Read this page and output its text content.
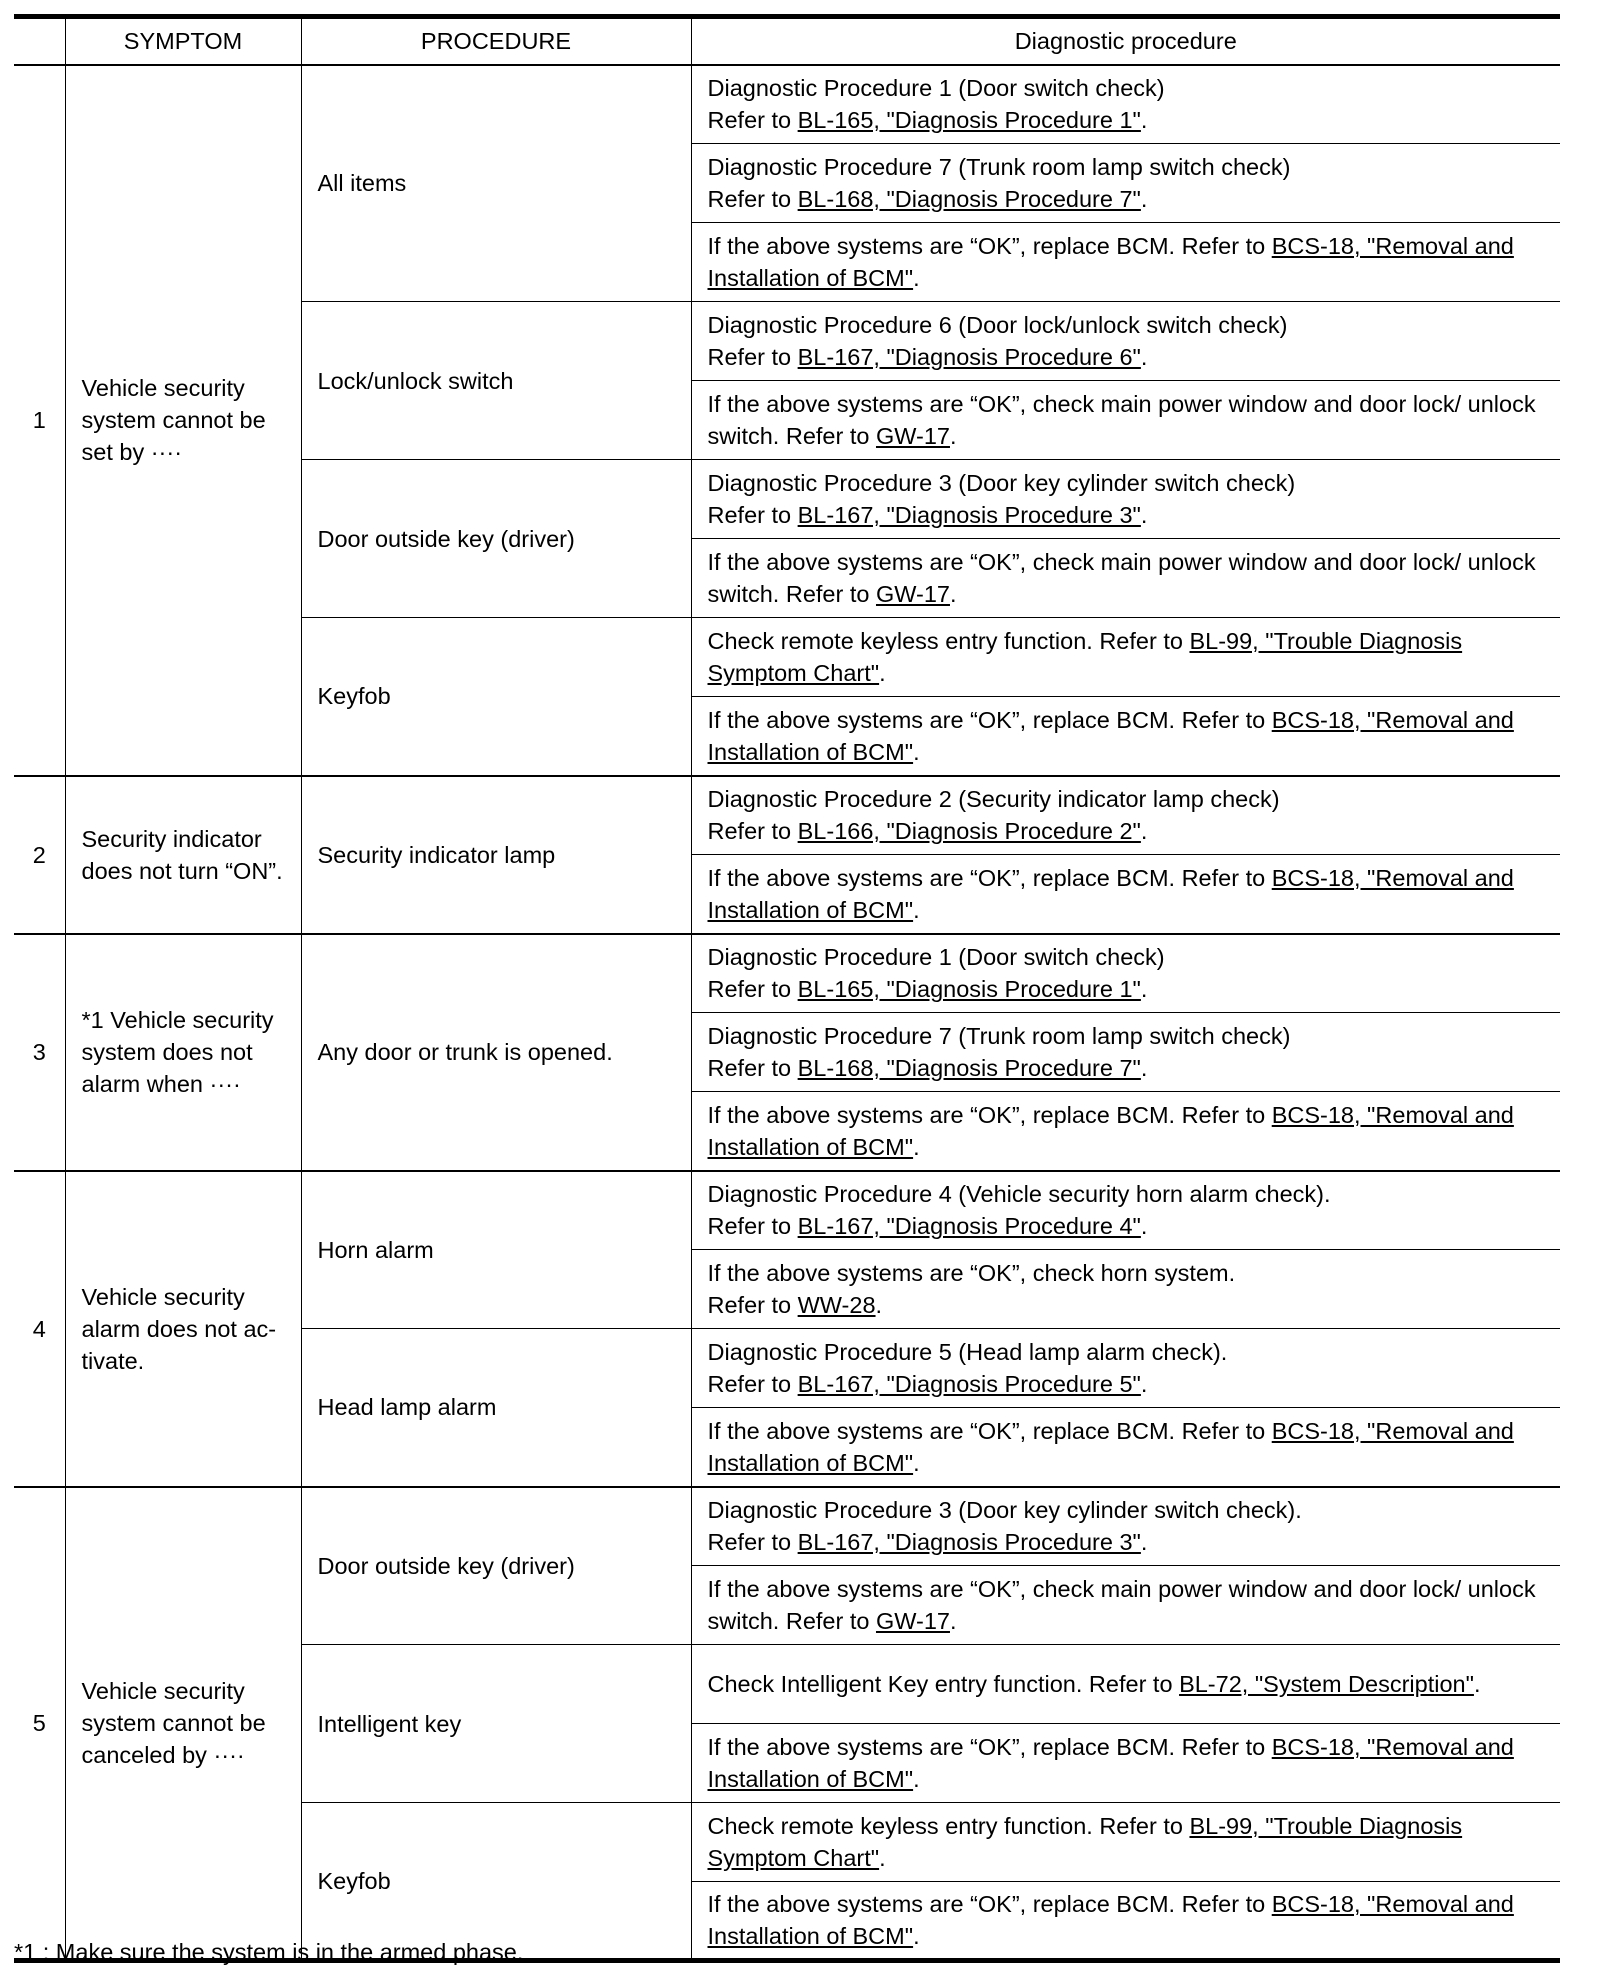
	SYMPTOM	PROCEDURE	Diagnostic procedure
1	Vehicle security system cannot be set by ····	All items	Diagnostic Procedure 1 (Door switch check)
Refer to BL-165, "Diagnosis Procedure 1".

			Diagnostic Procedure 7 (Trunk room lamp switch check)
Refer to BL-168, "Diagnosis Procedure 7".

			If the above systems are “OK”, replace BCM. Refer to BCS-18, "Removal and Installation of BCM".

		Lock/unlock switch	Diagnostic Procedure 6 (Door lock/unlock switch check)
Refer to BL-167, "Diagnosis Procedure 6".

			If the above systems are “OK”, check main power window and door lock/ unlock switch. Refer to GW-17.

		Door outside key (driver)	Diagnostic Procedure 3 (Door key cylinder switch check)
Refer to BL-167, "Diagnosis Procedure 3".

			If the above systems are “OK”, check main power window and door lock/ unlock switch. Refer to GW-17.

		Keyfob	Check remote keyless entry function. Refer to BL-99, "Trouble Diagnosis Symptom Chart".

			If the above systems are “OK”, replace BCM. Refer to BCS-18, "Removal and Installation of BCM".

2	Security indicator does not turn “ON”.	Security indicator lamp	Diagnostic Procedure 2 (Security indicator lamp check)
Refer to BL-166, "Diagnosis Procedure 2".

			If the above systems are “OK”, replace BCM. Refer to BCS-18, "Removal and Installation of BCM".

3	*1 Vehicle security system does not alarm when ····	Any door or trunk is opened.	Diagnostic Procedure 1 (Door switch check)
Refer to BL-165, "Diagnosis Procedure 1".

			Diagnostic Procedure 7 (Trunk room lamp switch check)
Refer to BL-168, "Diagnosis Procedure 7".

			If the above systems are “OK”, replace BCM. Refer to BCS-18, "Removal and Installation of BCM".

4	Vehicle security alarm does not ac-tivate.	Horn alarm	Diagnostic Procedure 4 (Vehicle security horn alarm check).
Refer to BL-167, "Diagnosis Procedure 4".

			If the above systems are “OK”, check horn system.
Refer to WW-28.

		Head lamp alarm	Diagnostic Procedure 5 (Head lamp alarm check).
Refer to BL-167, "Diagnosis Procedure 5".

			If the above systems are “OK”, replace BCM. Refer to BCS-18, "Removal and Installation of BCM".

5	Vehicle security system cannot be canceled by ····	Door outside key (driver)	Diagnostic Procedure 3 (Door key cylinder switch check).
Refer to BL-167, "Diagnosis Procedure 3".

			If the above systems are “OK”, check main power window and door lock/ unlock switch. Refer to GW-17.

		Intelligent key	Check Intelligent Key entry function. Refer to BL-72, "System Description".

			If the above systems are “OK”, replace BCM. Refer to BCS-18, "Removal and Installation of BCM".

		Keyfob	Check remote keyless entry function. Refer to BL-99, "Trouble Diagnosis Symptom Chart".

			If the above systems are “OK”, replace BCM. Refer to BCS-18, "Removal and Installation of BCM".
*1 : Make sure the system is in the armed phase.
